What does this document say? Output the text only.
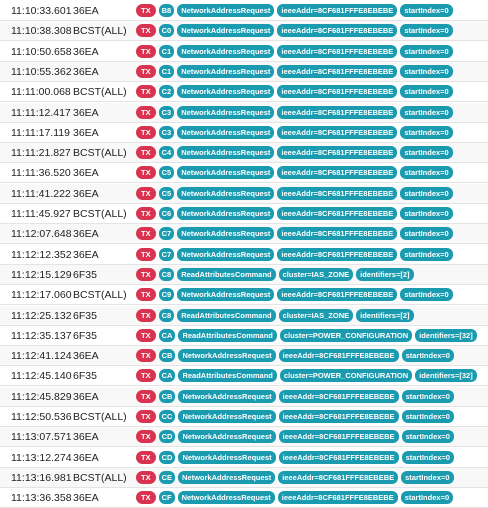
11:10:33.601 36EA	TX	B8	NetworkAddressRequest	ieeeAddr=8CF681FFFE8EBEBE	startIndex=0
11:10:38.308 BCST(ALL)	TX	C0	NetworkAddressRequest	ieeeAddr=8CF681FFFE8EBEBE	startIndex=0
11:10:50.658 36EA	TX	C1	NetworkAddressRequest	ieeeAddr=8CF681FFFE8EBEBE	startIndex=0
11:10:55.362 36EA	TX	C1	NetworkAddressRequest	ieeeAddr=8CF681FFFE8EBEBE	startIndex=0
11:11:00.068 BCST(ALL)	TX	C2	NetworkAddressRequest	ieeeAddr=8CF681FFFE8EBEBE	startIndex=0
11:11:12.417 36EA	TX	C3	NetworkAddressRequest	ieeeAddr=8CF681FFFE8EBEBE	startIndex=0
11:11:17.119 36EA	TX	C3	NetworkAddressRequest	ieeeAddr=8CF681FFFE8EBEBE	startIndex=0
11:11:21.827 BCST(ALL)	TX	C4	NetworkAddressRequest	ieeeAddr=8CF681FFFE8EBEBE	startIndex=0
11:11:36.520 36EA	TX	C5	NetworkAddressRequest	ieeeAddr=8CF681FFFE8EBEBE	startIndex=0
11:11:41.222 36EA	TX	C5	NetworkAddressRequest	ieeeAddr=8CF681FFFE8EBEBE	startIndex=0
11:11:45.927 BCST(ALL)	TX	C6	NetworkAddressRequest	ieeeAddr=8CF681FFFE8EBEBE	startIndex=0
11:12:07.648 36EA	TX	C7	NetworkAddressRequest	ieeeAddr=8CF681FFFE8EBEBE	startIndex=0
11:12:12.352 36EA	TX	C7	NetworkAddressRequest	ieeeAddr=8CF681FFFE8EBEBE	startIndex=0
11:12:15.129 6F35	TX	C8	ReadAttributesCommand	cluster=IAS_ZONE	identifiers=[2]
11:12:17.060 BCST(ALL)	TX	C9	NetworkAddressRequest	ieeeAddr=8CF681FFFE8EBEBE	startIndex=0
11:12:25.132 6F35	TX	C8	ReadAttributesCommand	cluster=IAS_ZONE	identifiers=[2]
11:12:35.137 6F35	TX	CA	ReadAttributesCommand	cluster=POWER_CONFIGURATION	identifiers=[32]
11:12:41.124 36EA	TX	CB	NetworkAddressRequest	ieeeAddr=8CF681FFFE8EBEBE	startIndex=0
11:12:45.140 6F35	TX	CA	ReadAttributesCommand	cluster=POWER_CONFIGURATION	identifiers=[32]
11:12:45.829 36EA	TX	CB	NetworkAddressRequest	ieeeAddr=8CF681FFFE8EBEBE	startIndex=0
11:12:50.536 BCST(ALL)	TX	CC	NetworkAddressRequest	ieeeAddr=8CF681FFFE8EBEBE	startIndex=0
11:13:07.571 36EA	TX	CD	NetworkAddressRequest	ieeeAddr=8CF681FFFE8EBEBE	startIndex=0
11:13:12.274 36EA	TX	CD	NetworkAddressRequest	ieeeAddr=8CF681FFFE8EBEBE	startIndex=0
11:13:16.981 BCST(ALL)	TX	CE	NetworkAddressRequest	ieeeAddr=8CF681FFFE8EBEBE	startIndex=0
11:13:36.358 36EA	TX	CF	NetworkAddressRequest	ieeeAddr=8CF681FFFE8EBEBE	startIndex=0
